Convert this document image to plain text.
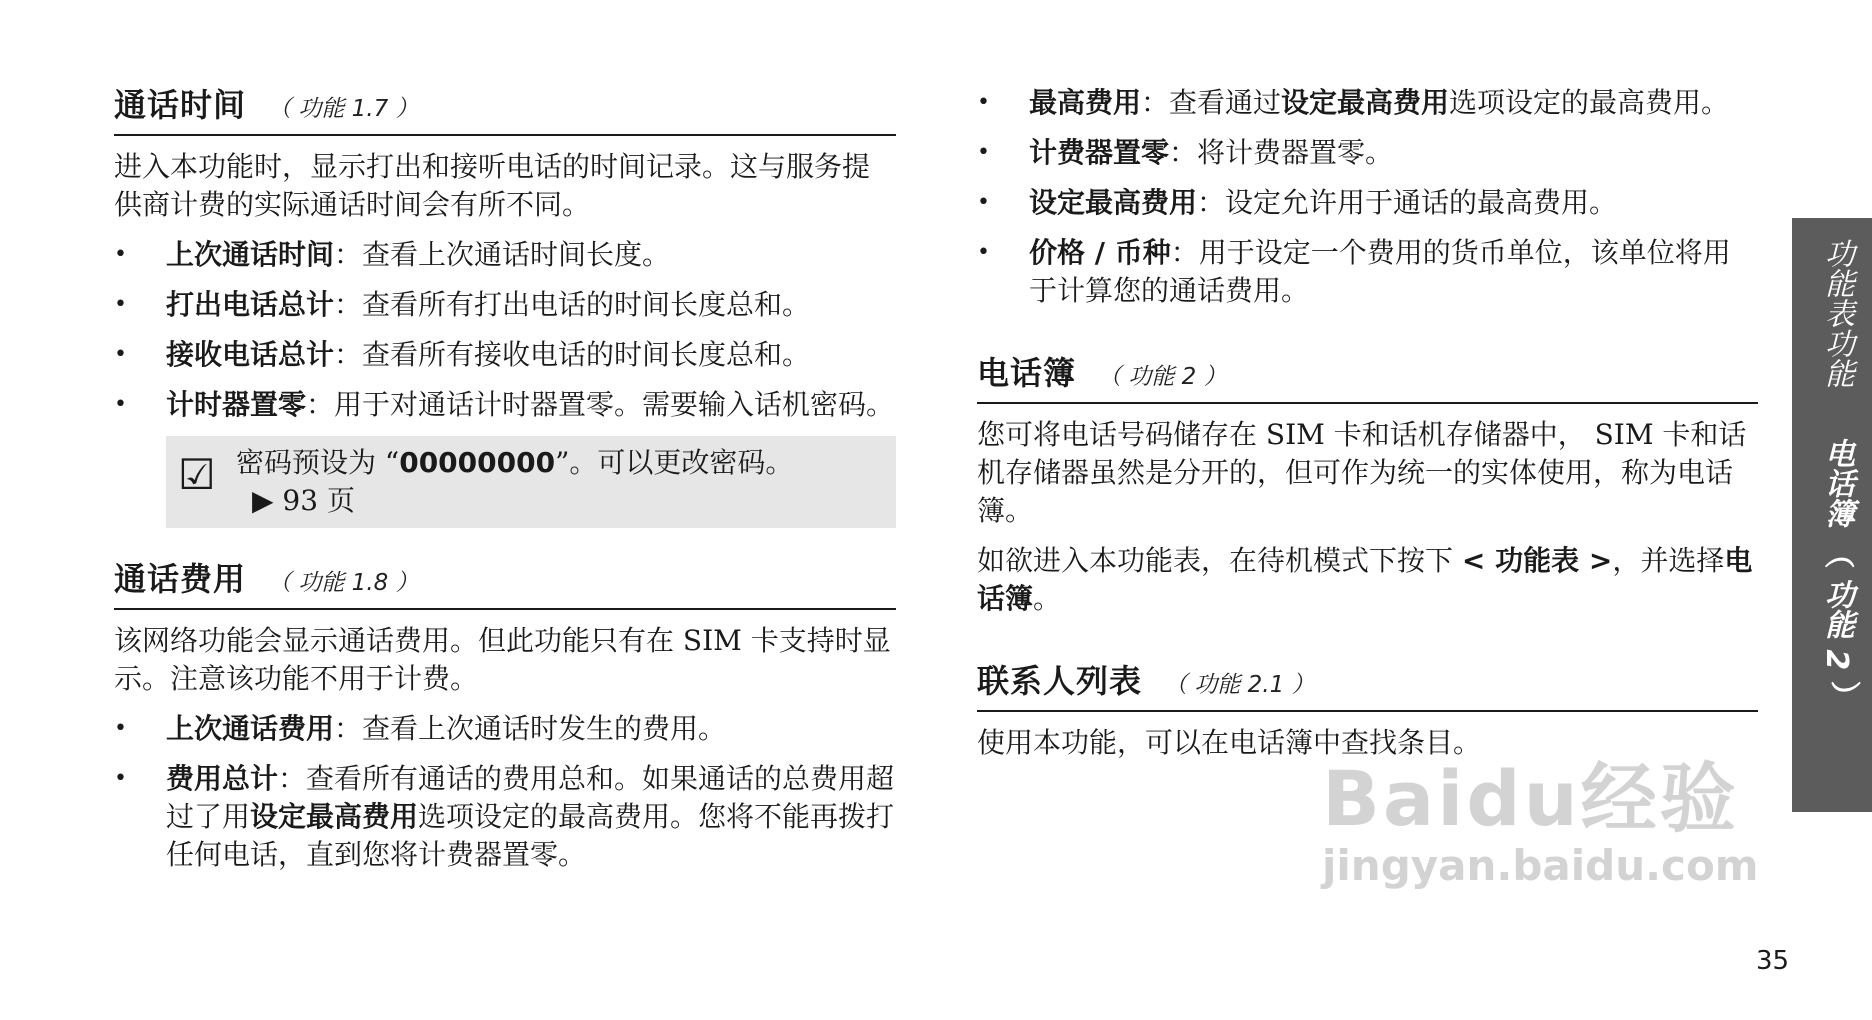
通话时间 （ 功能 1.7 ）

进入本功能时，显示打出和接听电话的时间记录。这与服务提供商计费的实际通话时间会有所不同。

• 上次通话时间：查看上次通话时间长度。
• 打出电话总计：查看所有打出电话的时间长度总和。
• 接收电话总计：查看所有接收电话的时间长度总和。
• 计时器置零：用于对通话计时器置零。需要输入话机密码。
☑ 密码预设为 “00000000”。可以更改密码。
▶ 93 页
通话费用 （ 功能 1.8 ）

该网络功能会显示通话费用。但此功能只有在 SIM 卡支持时显示。注意该功能不用于计费。

• 上次通话费用：查看上次通话时发生的费用。
• 费用总计：查看所有通话的费用总和。如果通话的总费用超过了用设定最高费用选项设定的最高费用。您将不能再拨打任何电话，直到您将计费器置零。
• 最高费用：查看通过设定最高费用选项设定的最高费用。
• 计费器置零：将计费器置零。
• 设定最高费用：设定允许用于通话的最高费用。
• 价格 / 币种：用于设定一个费用的货币单位，该单位将用于计算您的通话费用。
电话簿 （ 功能 2 ）

您可将电话号码储存在 SIM 卡和话机存储器中， SIM 卡和话机存储器虽然是分开的，但可作为统一的实体使用，称为电话簿。

如欲进入本功能表，在待机模式下按下 < 功能表 >，并选择电话簿。

联系人列表 （ 功能 2.1 ）

使用本功能，可以在电话簿中查找条目。

功能表功能 电话簿 （ 功能 2 ）
Baidu经验
jingyan.baidu.com
35
